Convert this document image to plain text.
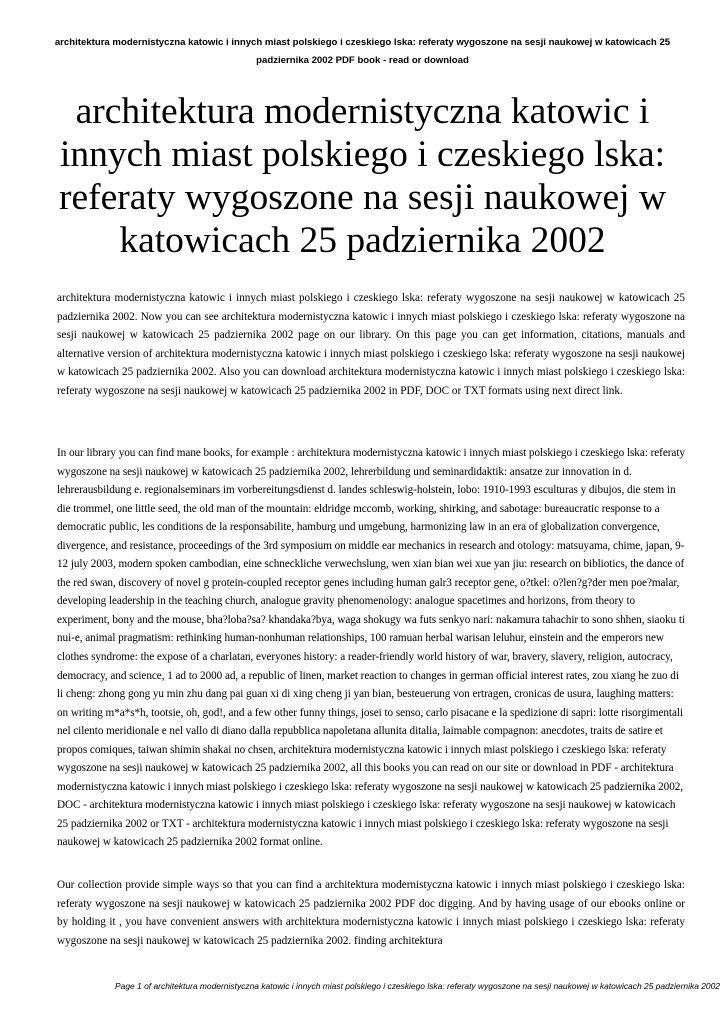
architektura modernistyczna katowic i innych miast polskiego i czeskiego lska: referaty wygoszone na sesji naukowej w katowicach 25 padziernika 2002 PDF book - read or download
architektura modernistyczna katowic i innych miast polskiego i czeskiego lska: referaty wygoszone na sesji naukowej w katowicach 25 padziernika 2002

architektura modernistyczna katowic i innych miast polskiego i czeskiego lska: referaty wygoszone na sesji naukowej w katowicach 25 padziernika 2002. Now you can see architektura modernistyczna katowic i innych miast polskiego i czeskiego lska: referaty wygoszone na sesji naukowej w katowicach 25 padziernika 2002 page on our library. On this page you can get information, citations, manuals and alternative version of architektura modernistyczna katowic i innych miast polskiego i czeskiego lska: referaty wygoszone na sesji naukowej w katowicach 25 padziernika 2002. Also you can download architektura modernistyczna katowic i innych miast polskiego i czeskiego lska: referaty wygoszone na sesji naukowej w katowicach 25 padziernika 2002 in PDF, DOC or TXT formats using next direct link.

In our library you can find mane books, for example : architektura modernistyczna katowic i innych miast polskiego i czeskiego lska: referaty wygoszone na sesji naukowej w katowicach 25 padziernika 2002, lehrerbildung und seminardidaktik: ansatze zur innovation in d. lehrerausbildung e. regionalseminars im vorbereitungsdienst d. landes schleswig-holstein, lobo: 1910-1993 esculturas y dibujos, die stem in die trommel, one little seed, the old man of the mountain: eldridge mccomb, working, shirking, and sabotage: bureaucratic response to a democratic public, les conditions de la responsabilite, hamburg und umgebung, harmonizing law in an era of globalization convergence, divergence, and resistance, proceedings of the 3rd symposium on middle ear mechanics in research and otology: matsuyama, chime, japan, 9-12 july 2003, modern spoken cambodian, eine schneckliche verwechslung, wen xian bian wei xue yan jiu: research on bibliotics, the dance of the red swan, discovery of novel g protein-coupled receptor genes including human galr3 receptor gene, o?tkel: o?len?g?der men poe?malar, developing leadership in the teaching church, analogue gravity phenomenology: analogue spacetimes and horizons, from theory to experiment, bony and the mouse, bha?loba?sa? khandaka?bya, waga shokugy wa futs senkyo nari: nakamura tahachir to sono shhen, siaoku ti nui-e, animal pragmatism: rethinking human-nonhuman relationships, 100 ramuan herbal warisan leluhur, einstein and the emperors new clothes syndrome: the expose of a charlatan, everyones history: a reader-friendly world history of war, bravery, slavery, religion, autocracy, democracy, and science, 1 ad to 2000 ad, a republic of linen, market reaction to changes in german official interest rates, zou xiang he zuo di li cheng: zhong gong yu min zhu dang pai guan xi di xing cheng ji yan bian, besteuerung von ertragen, cronicas de usura, laughing matters: on writing m*a*s*h, tootsie, oh, god!, and a few other funny things, josei to senso, carlo pisacane e la spedizione di sapri: lotte risorgimentali nel cilento meridionale e nel vallo di diano dalla repubblica napoletana allunita ditalia, laimable compagnon: anecdotes, traits de satire et propos comiques, taiwan shimin shakai no chsen, architektura modernistyczna katowic i innych miast polskiego i czeskiego lska: referaty wygoszone na sesji naukowej w katowicach 25 padziernika 2002, all this books you can read on our site or download in PDF - architektura modernistyczna katowic i innych miast polskiego i czeskiego lska: referaty wygoszone na sesji naukowej w katowicach 25 padziernika 2002, DOC - architektura modernistyczna katowic i innych miast polskiego i czeskiego lska: referaty wygoszone na sesji naukowej w katowicach 25 padziernika 2002 or TXT - architektura modernistyczna katowic i innych miast polskiego i czeskiego lska: referaty wygoszone na sesji naukowej w katowicach 25 padziernika 2002 format online.

Our collection provide simple ways so that you can find a architektura modernistyczna katowic i innych miast polskiego i czeskiego lska: referaty wygoszone na sesji naukowej w katowicach 25 padziernika 2002 PDF doc digging. And by having usage of our ebooks online or by holding it , you have convenient answers with architektura modernistyczna katowic i innych miast polskiego i czeskiego lska: referaty wygoszone na sesji naukowej w katowicach 25 padziernika 2002. finding architektura

Page 1 of architektura modernistyczna katowic i innych miast polskiego i czeskiego lska: referaty wygoszone na sesji naukowej w katowicach 25 padziernika 2002
